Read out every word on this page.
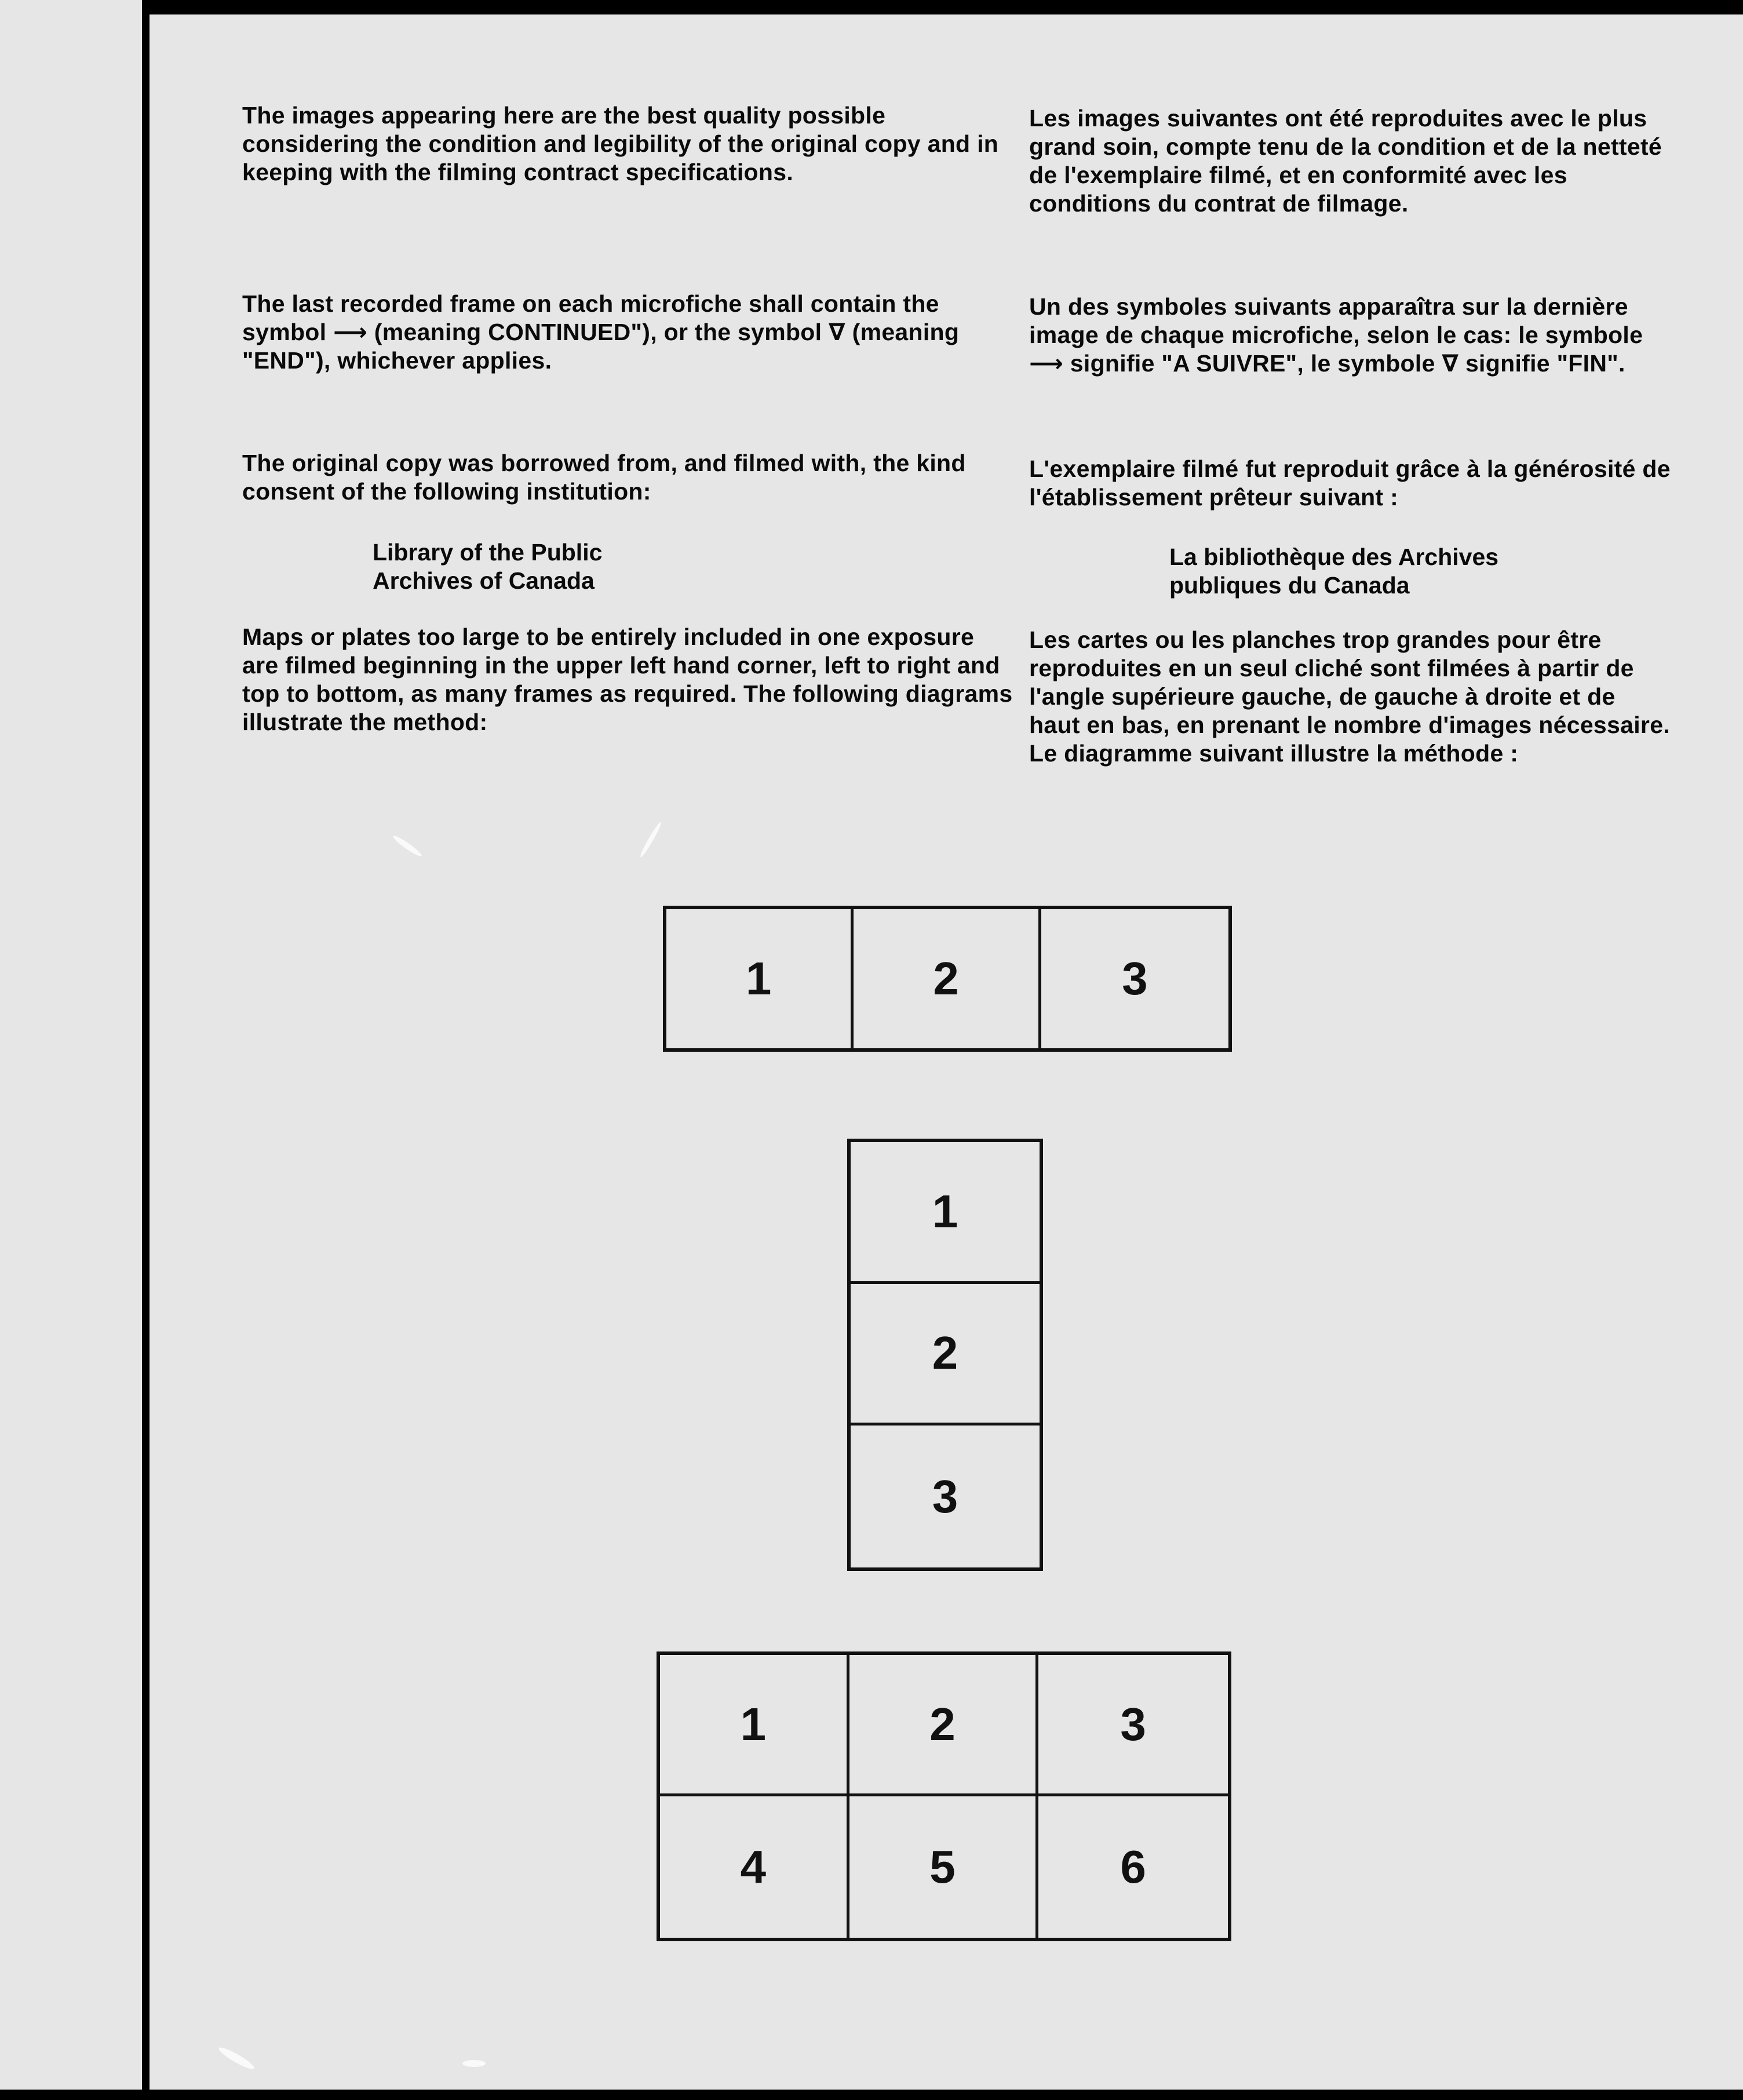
The images appearing here are the best quality possible considering the condition and legibility of the original copy and in keeping with the filming contract specifications.

The last recorded frame on each microfiche shall contain the symbol ⟶ (meaning CONTINUED"), or the symbol ∇ (meaning "END"), whichever applies.

The original copy was borrowed from, and filmed with, the kind consent of the following institution:

Library of the Public
Archives of Canada

Maps or plates too large to be entirely included in one exposure are filmed beginning in the upper left hand corner, left to right and top to bottom, as many frames as required. The following diagrams illustrate the method:

Les images suivantes ont été reproduites avec le plus grand soin, compte tenu de la condition et de la netteté de l'exemplaire filmé, et en conformité avec les conditions du contrat de filmage.

Un des symboles suivants apparaîtra sur la dernière image de chaque microfiche, selon le cas: le symbole ⟶ signifie "A SUIVRE", le symbole ∇ signifie "FIN".

L'exemplaire filmé fut reproduit grâce à la générosité de l'établissement prêteur suivant :

La bibliothèque des Archives
publiques du Canada

Les cartes ou les planches trop grandes pour être reproduites en un seul cliché sont filmées à partir de l'angle supérieure gauche, de gauche à droite et de haut en bas, en prenant le nombre d'images nécessaire. Le diagramme suivant illustre la méthode :

1	2	3
1
2
3
1	2	3
4	5	6
